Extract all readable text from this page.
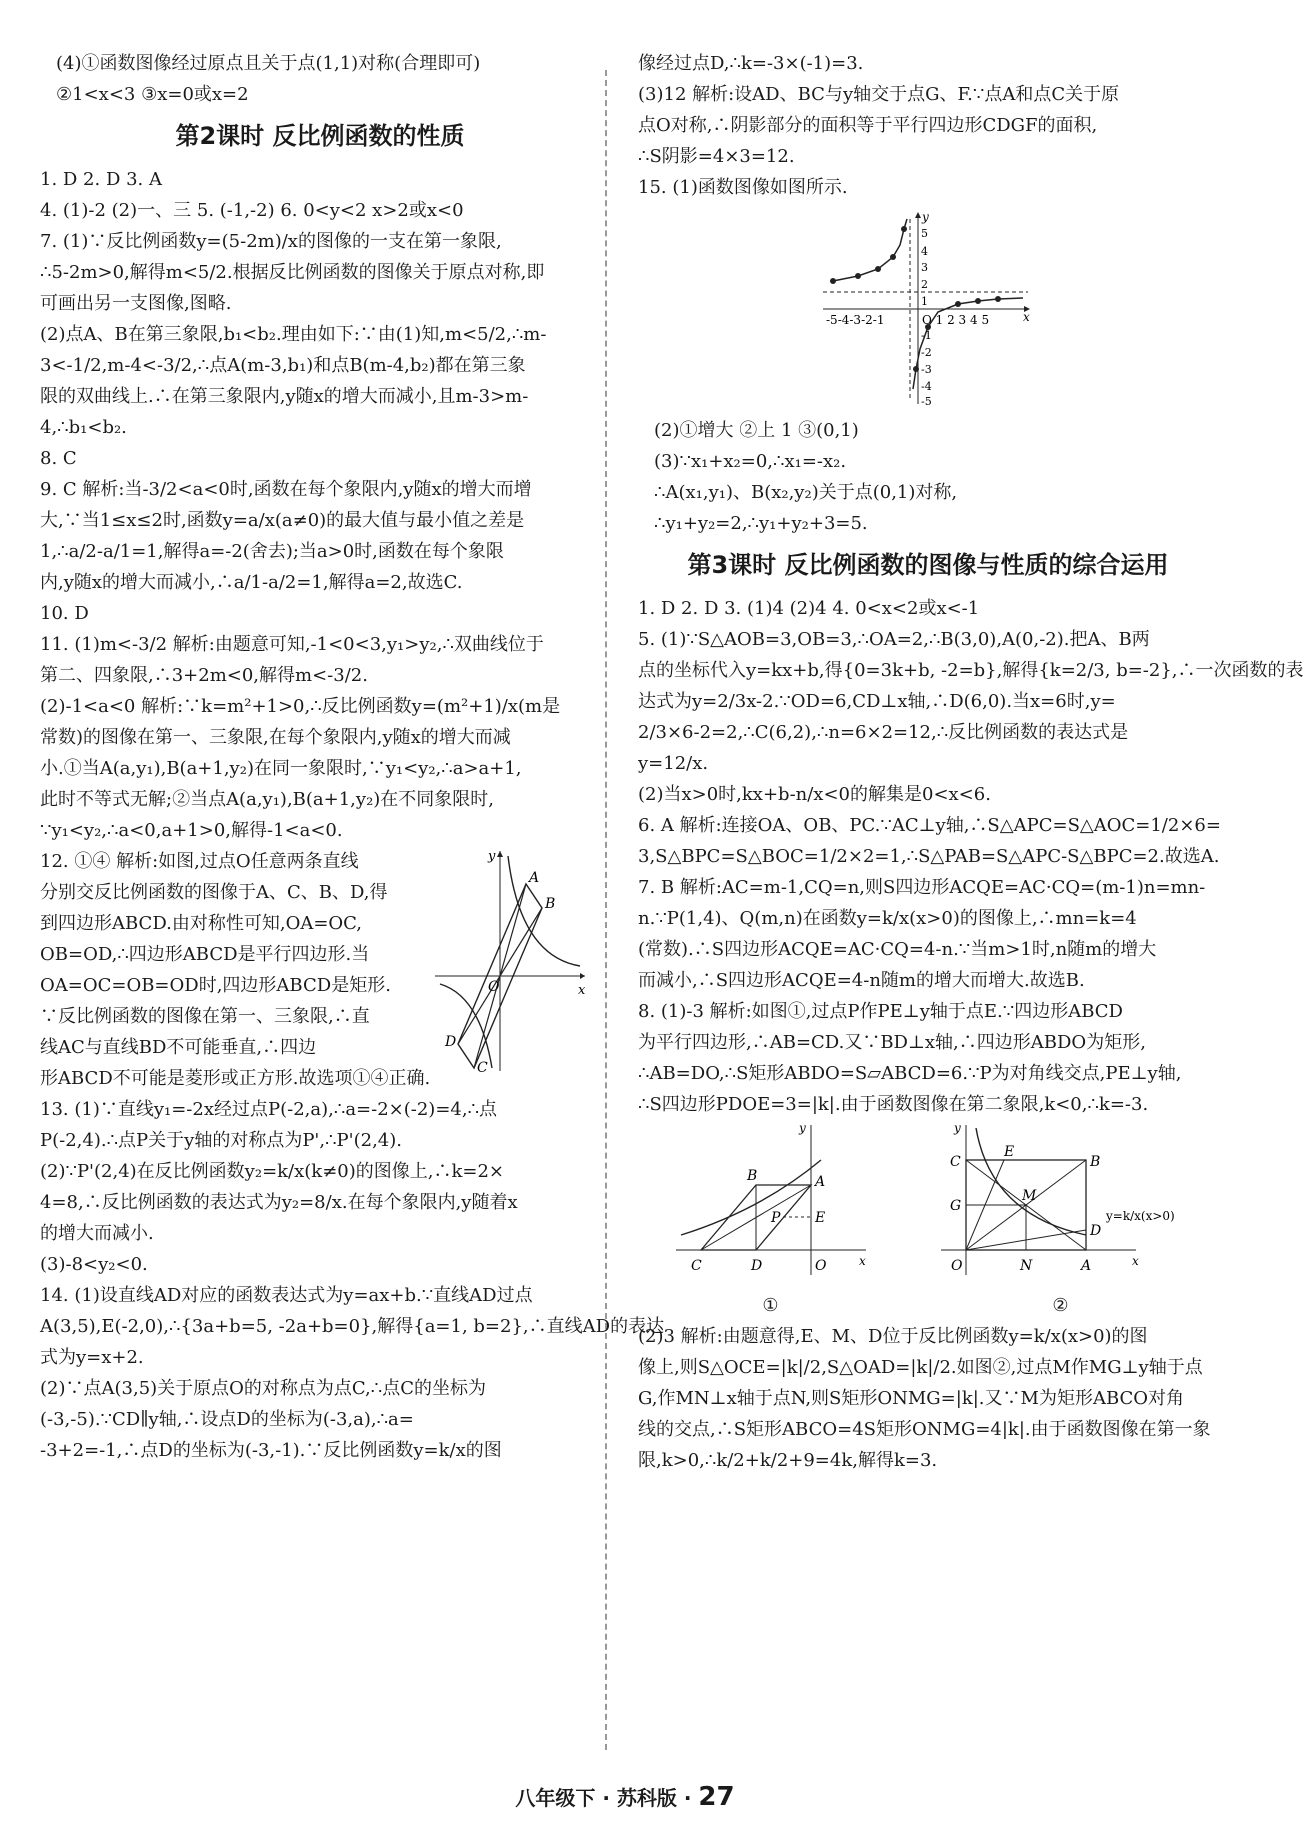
(4)①函数图像经过原点且关于点(1,1)对称(合理即可)
②1<x<3 ③x=0或x=2
第2课时 反比例函数的性质
1. D 2. D 3. A
4. (1)-2 (2)一、三 5. (-1,-2) 6. 0<y<2 x>2或x<0
7. (1)∵反比例函数y=(5-2m)/x的图像的一支在第一象限,
∴5-2m>0,解得m<5/2.根据反比例函数的图像关于原点对称,即
可画出另一支图像,图略.
(2)点A、B在第三象限,b₁<b₂.理由如下:∵由(1)知,m<5/2,∴m-
3<-1/2,m-4<-3/2,∴点A(m-3,b₁)和点B(m-4,b₂)都在第三象
限的双曲线上.∴在第三象限内,y随x的增大而减小,且m-3>m-
4,∴b₁<b₂.
8. C
9. C 解析:当-3/2<a<0时,函数在每个象限内,y随x的增大而增
大,∵当1≤x≤2时,函数y=a/x(a≠0)的最大值与最小值之差是
1,∴a/2-a/1=1,解得a=-2(舍去);当a>0时,函数在每个象限
内,y随x的增大而减小,∴a/1-a/2=1,解得a=2,故选C.
10. D
11. (1)m<-3/2 解析:由题意可知,-1<0<3,y₁>y₂,∴双曲线位于
第二、四象限,∴3+2m<0,解得m<-3/2.
(2)-1<a<0 解析:∵k=m²+1>0,∴反比例函数y=(m²+1)/x(m是
常数)的图像在第一、三象限,在每个象限内,y随x的增大而减
小.①当A(a,y₁),B(a+1,y₂)在同一象限时,∵y₁<y₂,∴a>a+1,
此时不等式无解;②当点A(a,y₁),B(a+1,y₂)在不同象限时,
∵y₁<y₂,∴a<0,a+1>0,解得-1<a<0.
12. ①④ 解析:如图,过点O任意两条直线
分别交反比例函数的图像于A、C、B、D,得
到四边形ABCD.由对称性可知,OA=OC,
OB=OD,∴四边形ABCD是平行四边形.当
OA=OC=OB=OD时,四边形ABCD是矩形.
∵反比例函数的图像在第一、三象限,∴直
线AC与直线BD不可能垂直,∴四边
形ABCD不可能是菱形或正方形.故选项①④正确.
A
B
C
D
O	x
y
13. (1)∵直线y₁=-2x经过点P(-2,a),∴a=-2×(-2)=4,∴点
P(-2,4).∴点P关于y轴的对称点为P',∴P'(2,4).
(2)∵P'(2,4)在反比例函数y₂=k/x(k≠0)的图像上,∴k=2×
4=8,∴反比例函数的表达式为y₂=8/x.在每个象限内,y随着x
的增大而减小.
(3)-8<y₂<0.
14. (1)设直线AD对应的函数表达式为y=ax+b.∵直线AD过点
A(3,5),E(-2,0),∴{3a+b=5, -2a+b=0},解得{a=1, b=2},∴直线AD的表达
式为y=x+2.
(2)∵点A(3,5)关于原点O的对称点为点C,∴点C的坐标为
(-3,-5).∵CD∥y轴,∴设点D的坐标为(-3,a),∴a=
-3+2=-1,∴点D的坐标为(-3,-1).∵反比例函数y=k/x的图
像经过点D,∴k=-3×(-1)=3.
(3)12 解析:设AD、BC与y轴交于点G、F.∵点A和点C关于原
点O对称,∴阴影部分的面积等于平行四边形CDGF的面积,
∴S阴影=4×3=12.
15. (1)函数图像如图所示.
-5-4-3-2-1	O 1 2 3 4 5	x
y
5
4
3
2
1
-1
-2
-3
-4
-5
(2)①增大 ②上 1 ③(0,1)
(3)∵x₁+x₂=0,∴x₁=-x₂.
∴A(x₁,y₁)、B(x₂,y₂)关于点(0,1)对称,
∴y₁+y₂=2,∴y₁+y₂+3=5.
第3课时 反比例函数的图像与性质的综合运用
1. D 2. D 3. (1)4 (2)4 4. 0<x<2或x<-1
5. (1)∵S△AOB=3,OB=3,∴OA=2,∴B(3,0),A(0,-2).把A、B两
点的坐标代入y=kx+b,得{0=3k+b, -2=b},解得{k=2/3, b=-2},∴一次函数的表
达式为y=2/3x-2.∵OD=6,CD⊥x轴,∴D(6,0).当x=6时,y=
2/3×6-2=2,∴C(6,2),∴n=6×2=12,∴反比例函数的表达式是
y=12/x.
(2)当x>0时,kx+b-n/x<0的解集是0<x<6.
6. A 解析:连接OA、OB、PC.∵AC⊥y轴,∴S△APC=S△AOC=1/2×6=
3,S△BPC=S△BOC=1/2×2=1,∴S△PAB=S△APC-S△BPC=2.故选A.
7. B 解析:AC=m-1,CQ=n,则S四边形ACQE=AC·CQ=(m-1)n=mn-
n.∵P(1,4)、Q(m,n)在函数y=k/x(x>0)的图像上,∴mn=k=4
(常数).∴S四边形ACQE=AC·CQ=4-n.∵当m>1时,n随m的增大
而减小,∴S四边形ACQE=4-n随m的增大而增大.故选B.
8. (1)-3 解析:如图①,过点P作PE⊥y轴于点E.∵四边形ABCD
为平行四边形,∴AB=CD.又∵BD⊥x轴,∴四边形ABDO为矩形,
∴AB=DO,∴S矩形ABDO=S▱ABCD=6.∵P为对角线交点,PE⊥y轴,
∴S四边形PDOE=3=|k|.由于函数图像在第二象限,k<0,∴k=-3.
B	A
P E
C	D	O	x
y
①
C
E
B
G
M
D
N	A
O	x
y
y=k/x(x>0)
②
(2)3 解析:由题意得,E、M、D位于反比例函数y=k/x(x>0)的图
像上,则S△OCE=|k|/2,S△OAD=|k|/2.如图②,过点M作MG⊥y轴于点
G,作MN⊥x轴于点N,则S矩形ONMG=|k|.又∵M为矩形ABCO对角
线的交点,∴S矩形ABCO=4S矩形ONMG=4|k|.由于函数图像在第一象
限,k>0,∴k/2+k/2+9=4k,解得k=3.
八年级下 · 苏科版 · 27
